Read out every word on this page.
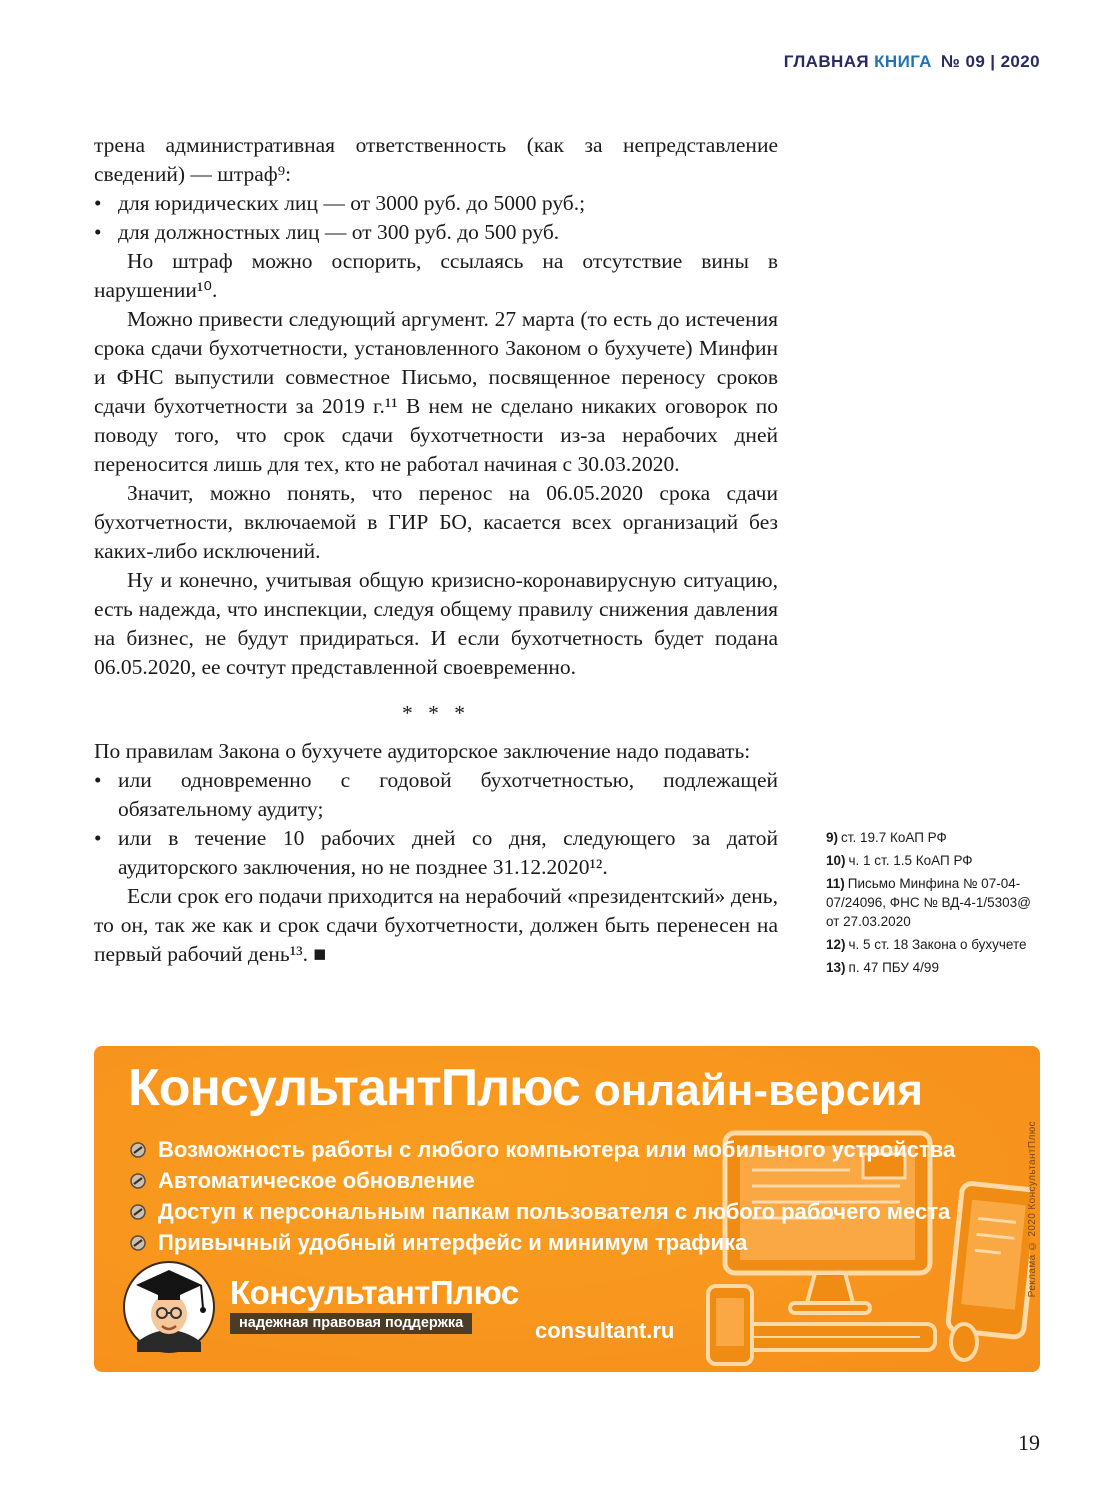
ГЛАВНАЯ КНИГА № 09 | 2020

трена административная ответственность (как за непредставление сведений) — штраф⁹:

• для юридических лиц — от 3000 руб. до 5000 руб.;

• для должностных лиц — от 300 руб. до 500 руб.

Но штраф можно оспорить, ссылаясь на отсутствие вины в нарушении¹⁰.

Можно привести следующий аргумент. 27 марта (то есть до истечения срока сдачи бухотчетности, установленного Законом о бухучете) Минфин и ФНС выпустили совместное Письмо, посвященное переносу сроков сдачи бухотчетности за 2019 г.¹¹ В нем не сделано никаких оговорок по поводу того, что срок сдачи бухотчетности из-за нерабочих дней переносится лишь для тех, кто не работал начиная с 30.03.2020.

Значит, можно понять, что перенос на 06.05.2020 срока сдачи бухотчетности, включаемой в ГИР БО, касается всех организаций без каких-либо исключений.

Ну и конечно, учитывая общую кризисно-коронавирусную ситуацию, есть надежда, что инспекции, следуя общему правилу снижения давления на бизнес, не будут придираться. И если бухотчетность будет подана 06.05.2020, ее сочтут представленной своевременно.

* * *

По правилам Закона о бухучете аудиторское заключение надо подавать:

• или одновременно с годовой бухотчетностью, подлежащей обязательному аудиту;

• или в течение 10 рабочих дней со дня, следующего за датой аудиторского заключения, но не позднее 31.12.2020¹².

Если срок его подачи приходится на нерабочий «президентский» день, то он, так же как и срок сдачи бухотчетности, должен быть перенесен на первый рабочий день¹³. ■

9) ст. 19.7 КоАП РФ
10) ч. 1 ст. 1.5 КоАП РФ
11) Письмо Минфина № 07-04-07/24096, ФНС № ВД-4-1/5303@ от 27.03.2020
12) ч. 5 ст. 18 Закона о бухучете
13) п. 47 ПБУ 4/99
КонсультантПлюс онлайн-версия
Возможность работы с любого компьютера или мобильного устройства
Автоматическое обновление
Доступ к персональным папкам пользователя с любого рабочего места
Привычный удобный интерфейс и минимум трафика
КонсультантПлюс
надежная правовая поддержка	consultant.ru
Реклама © 2020 КонсультантПлюс
19
